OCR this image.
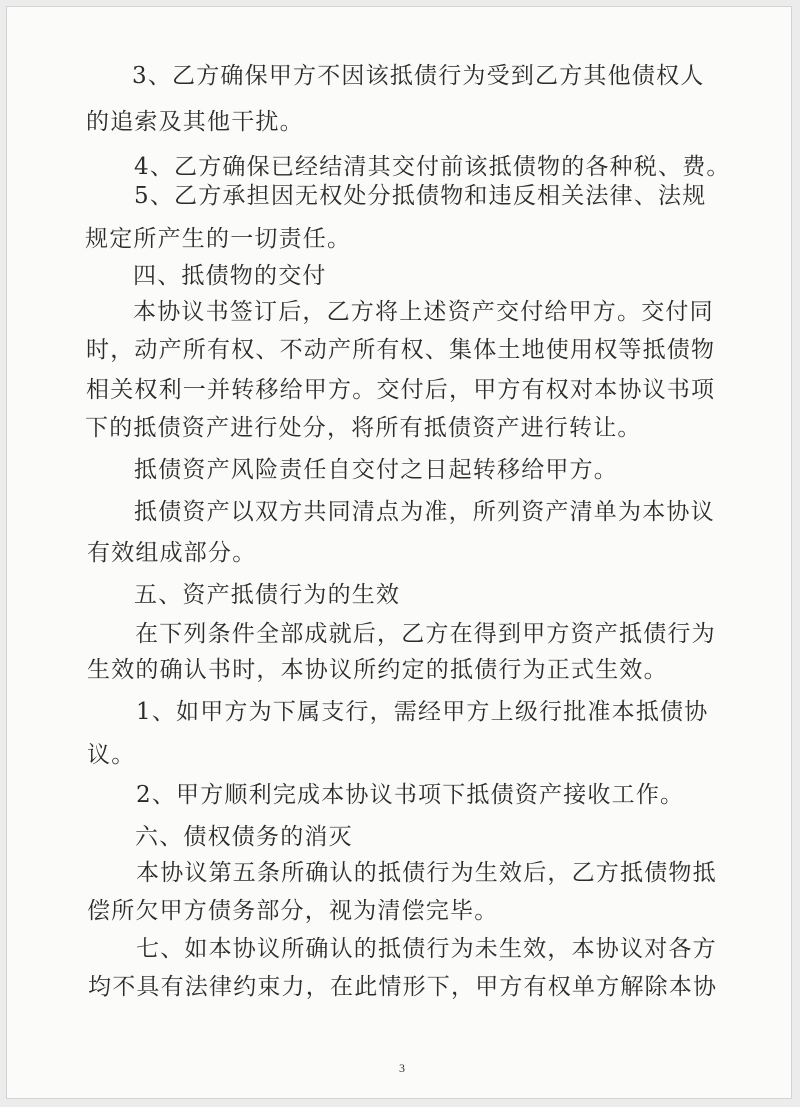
3、乙方确保甲方不因该抵债行为受到乙方其他债权人
的追索及其他干扰。
4、乙方确保已经结清其交付前该抵债物的各种税、费。
5、乙方承担因无权处分抵债物和违反相关法律、法规
规定所产生的一切责任。
四、抵债物的交付
本协议书签订后，乙方将上述资产交付给甲方。交付同
时，动产所有权、不动产所有权、集体土地使用权等抵债物
相关权利一并转移给甲方。交付后，甲方有权对本协议书项
下的抵债资产进行处分，将所有抵债资产进行转让。
抵债资产风险责任自交付之日起转移给甲方。
抵债资产以双方共同清点为准，所列资产清单为本协议
有效组成部分。
五、资产抵债行为的生效
在下列条件全部成就后，乙方在得到甲方资产抵债行为
生效的确认书时，本协议所约定的抵债行为正式生效。
1、如甲方为下属支行，需经甲方上级行批准本抵债协
议。
2、甲方顺利完成本协议书项下抵债资产接收工作。
六、债权债务的消灭
本协议第五条所确认的抵债行为生效后，乙方抵债物抵
偿所欠甲方债务部分，视为清偿完毕。
七、如本协议所确认的抵债行为未生效，本协议对各方
均不具有法律约束力，在此情形下，甲方有权单方解除本协
3
